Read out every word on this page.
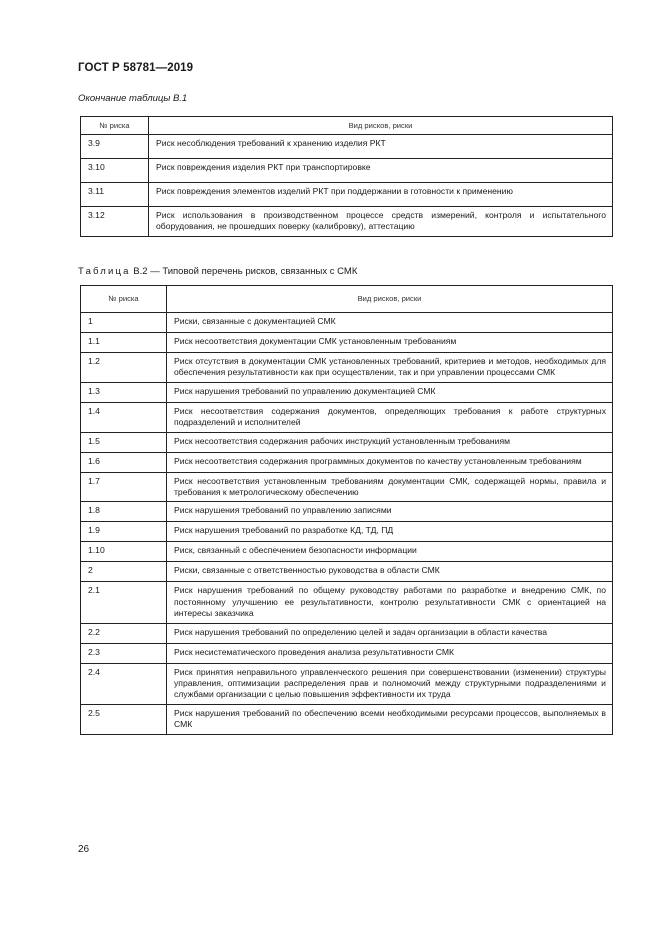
ГОСТ Р 58781—2019
Окончание таблицы В.1
№ риска	Вид рисков, риски

3.9	Риск несоблюдения требований к хранению изделия РКТ

3.10	Риск повреждения изделия РКТ при транспортировке

3.11	Риск повреждения элементов изделий РКТ при поддержании в готовности к применению

3.12	Риск использования в производственном процессе средств измерений, контроля и испытательного оборудования, не прошедших поверку (калибровку), аттестацию
Таблица В.2 — Типовой перечень рисков, связанных с СМК
№ риска	Вид рисков, риски

1	Риски, связанные с документацией СМК

1.1	Риск несоответствия документации СМК установленным требованиям

1.2	Риск отсутствия в документации СМК установленных требований, критериев и методов, необходимых для обеспечения результативности как при осуществлении, так и при управлении процессами СМК

1.3	Риск нарушения требований по управлению документацией СМК

1.4	Риск несоответствия содержания документов, определяющих требования к работе структурных подразделений и исполнителей

1.5	Риск несоответствия содержания рабочих инструкций установленным требованиям

1.6	Риск несоответствия содержания программных документов по качеству установленным требованиям

1.7	Риск несоответствия установленным требованиям документации СМК, содержащей нормы, правила и требования к метрологическому обеспечению

1.8	Риск нарушения требований по управлению записями

1.9	Риск нарушения требований по разработке КД, ТД, ПД

1.10	Риск, связанный с обеспечением безопасности информации

2	Риски, связанные с ответственностью руководства в области СМК

2.1	Риск нарушения требований по общему руководству работами по разработке и внедрению СМК, по постоянному улучшению ее результативности, контролю результативности СМК с ориентацией на интересы заказчика

2.2	Риск нарушения требований по определению целей и задач организации в области качества

2.3	Риск несистематического проведения анализа результативности СМК

2.4	Риск принятия неправильного управленческого решения при совершенствовании (изменении) структуры управления, оптимизации распределения прав и полномочий между структурными подразделениями и службами организации с целью повышения эффективности их труда

2.5	Риск нарушения требований по обеспечению всеми необходимыми ресурсами процессов, выполняемых в СМК
26
